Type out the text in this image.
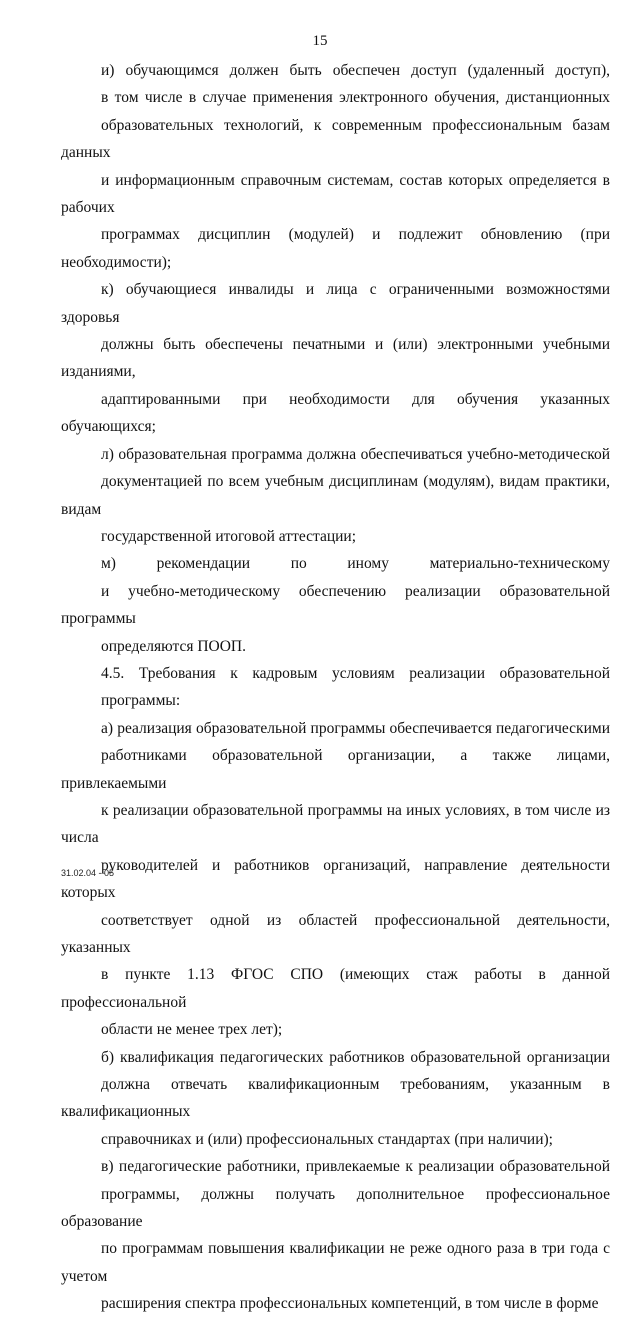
15

и) обучающимся должен быть обеспечен доступ (удаленный доступ),
в том числе в случае применения электронного обучения, дистанционных
образовательных технологий, к современным профессиональным базам данных
и информационным справочным системам, состав которых определяется в рабочих
программах дисциплин (модулей) и подлежит обновлению (при необходимости);

к) обучающиеся инвалиды и лица с ограниченными возможностями здоровья
должны быть обеспечены печатными и (или) электронными учебными изданиями,
адаптированными при необходимости для обучения указанных обучающихся;

л) образовательная программа должна обеспечиваться учебно-методической
документацией по всем учебным дисциплинам (модулям), видам практики, видам
государственной итоговой аттестации;

м) рекомендации по иному материально-техническому
и учебно-методическому обеспечению реализации образовательной программы
определяются ПООП.

4.5. Требования к кадровым условиям реализации образовательной
программы:

а) реализация образовательной программы обеспечивается педагогическими
работниками образовательной организации, а также лицами, привлекаемыми
к реализации образовательной программы на иных условиях, в том числе из числа
руководителей и работников организаций, направление деятельности которых
соответствует одной из областей профессиональной деятельности, указанных
в пункте 1.13 ФГОС СПО (имеющих стаж работы в данной профессиональной
области не менее трех лет);

б) квалификация педагогических работников образовательной организации
должна отвечать квалификационным требованиям, указанным в квалификационных
справочниках и (или) профессиональных стандартах (при наличии);

в) педагогические работники, привлекаемые к реализации образовательной
программы, должны получать дополнительное профессиональное образование
по программам повышения квалификации не реже одного раза в три года с учетом
расширения спектра профессиональных компетенций, в том числе в форме

31.02.04 - 05
